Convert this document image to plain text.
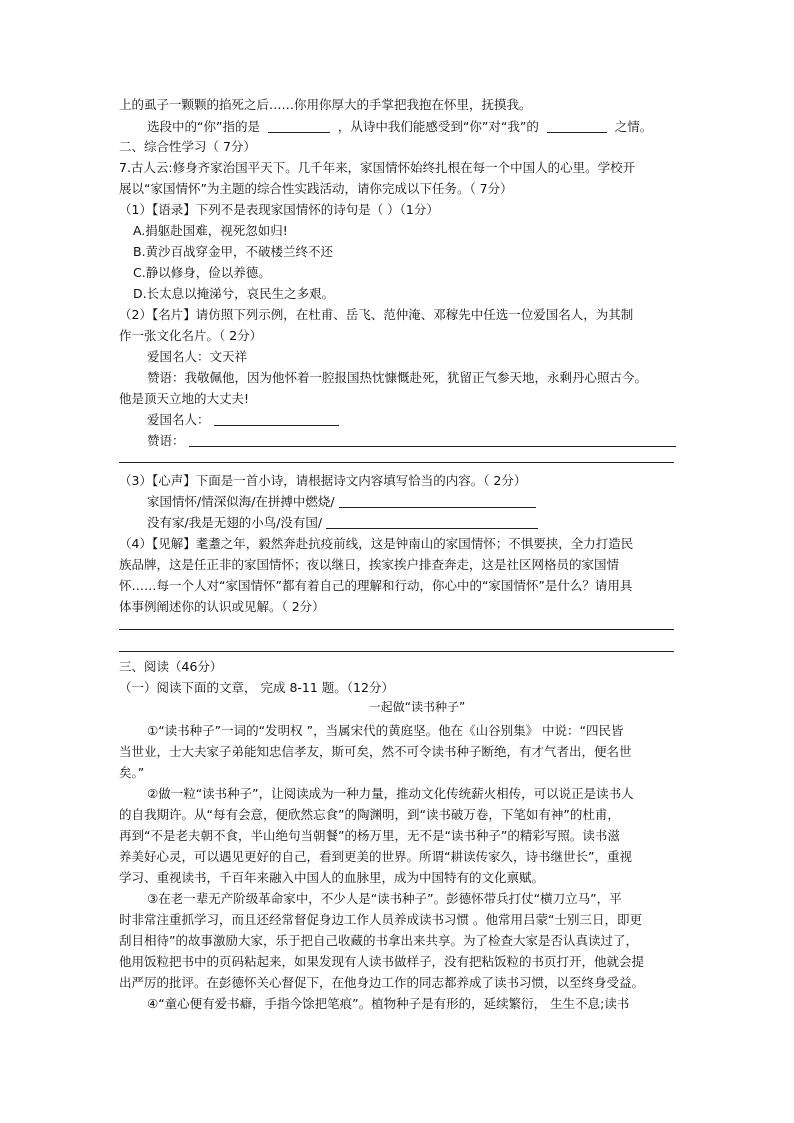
上的虱子一颗颗的掐死之后……你用你厚大的手掌把我抱在怀里，抚摸我。
选段中的“你”指的是	，从诗中我们能感受到“你”对“我”的	之情。
二、综合性学习（ 7分）
7.古人云:修身齐家治国平天下。几千年来，家国情怀始终扎根在每一个中国人的心里。学校开
展以“家国情怀”为主题的综合性实践活动，请你完成以下任务。（ 7分）
（1）【语录】下列不是表现家国情怀的诗句是（ ）（1分）
A.捐躯赴国难，视死忽如归!
B.黄沙百战穿金甲，不破楼兰终不还
C.静以修身，俭以养德。
D.长太息以掩涕兮，哀民生之多艰。
（2）【名片】请仿照下列示例，在杜甫、岳飞、范仲淹、邓稼先中任选一位爱国名人，为其制
作一张文化名片。（ 2分）
爱国名人：文天祥
赞语：我敬佩他，因为他怀着一腔报国热忱慷慨赴死，犹留正气参天地，永剩丹心照古今。
他是顶天立地的大丈夫!
爱国名人：
赞语：
（3）【心声】下面是一首小诗，请根据诗文内容填写恰当的内容。（ 2分）
家国情怀/情深似海/在拼搏中燃烧/
没有家/我是无翅的小鸟/没有国/
（4）【见解】耄耋之年，毅然奔赴抗疫前线，这是钟南山的家国情怀；不惧要挟，全力打造民
族品牌，这是任正非的家国情怀；夜以继日，挨家挨户排查奔走，这是社区网格员的家国情
怀……每一个人对“家国情怀”都有着自己的理解和行动，你心中的“家国情怀”是什么？请用具
体事例阐述你的认识或见解。（ 2分）
三、阅读（46分）
（一）阅读下面的文章， 完成 8-11 题。（12分）
一起做“读书种子”
①“读书种子”一词的“发明权 ”，当属宋代的黄庭坚。他在《山谷别集》 中说：“四民皆
当世业，士大夫家子弟能知忠信孝友，斯可矣，然不可令读书种子断绝，有才气者出，便名世
矣。”
②做一粒“读书种子”，让阅读成为一种力量，推动文化传统薪火相传，可以说正是读书人
的自我期许。从“每有会意，便欣然忘食”的陶渊明，到“读书破万卷，下笔如有神”的杜甫，
再到“不是老夫朝不食，半山绝句当朝餐”的杨万里，无不是“读书种子”的精彩写照。读书滋
养美好心灵，可以遇见更好的自己，看到更美的世界。所谓“耕读传家久，诗书继世长”，重视
学习、重视读书，千百年来融入中国人的血脉里，成为中国特有的文化禀赋。
③在老一辈无产阶级革命家中，不少人是“读书种子”。彭德怀带兵打仗“横刀立马”，平
时非常注重抓学习，而且还经常督促身边工作人员养成读书习惯 。他常用吕蒙“士别三日，即更
刮目相待”的故事激励大家，乐于把自己收藏的书拿出来共享。为了检查大家是否认真读过了，
他用饭粒把书中的页码粘起来，如果发现有人读书做样子，没有把粘饭粒的书页打开，他就会提
出严厉的批评。在彭德怀关心督促下，在他身边工作的同志都养成了读书习惯，以至终身受益。
④“童心便有爱书癖，手指今馀把笔痕”。植物种子是有形的，延续繁衍， 生生不息;读书
